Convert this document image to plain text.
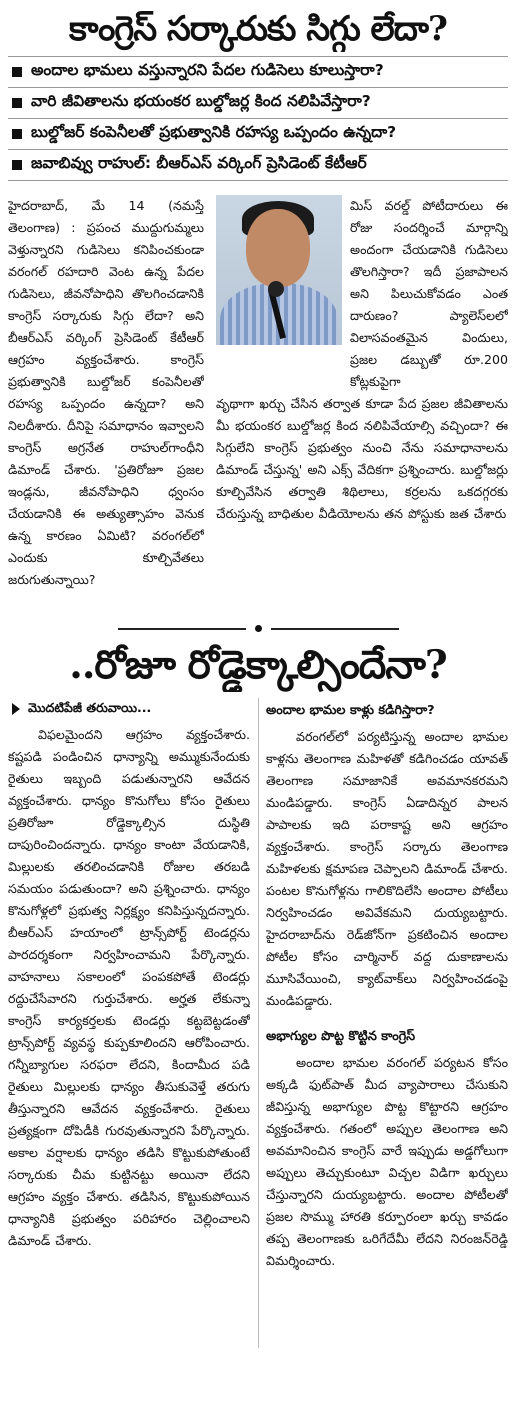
కాంగ్రెస్ సర్కారుకు సిగ్గు లేదా?
అందాల భామలు వస్తున్నారని పేదల గుడిసెలు కూలుస్తారా?
వారి జీవితాలను భయంకర బుల్డోజర్ల కింద నలిపివేస్తారా?
బుల్డోజర్ కంపెనీలతో ప్రభుత్వానికి రహస్య ఒప్పందం ఉన్నదా?
జవాబివ్వు రాహుల్: బీఆర్ఎస్ వర్కింగ్ ప్రెసిడెంట్ కేటీఆర్
హైదరాబాద్, మే 14 (నమస్తే తెలంగాణ) : ప్రపంచ ముద్దుగుమ్మలు వెళ్తున్నారని గుడిసెలు కనిపించకుండా వరంగల్ రహదారి వెంట ఉన్న పేదల గుడిసెలు, జీవనోపాధిని తొలగించడానికి కాంగ్రెస్ సర్కారుకు సిగ్గు లేదా? అని బీఆర్ఎస్ వర్కింగ్ ప్రెసిడెంట్ కేటీఆర్ ఆగ్రహం వ్యక్తంచేశారు. కాంగ్రెస్ ప్రభుత్వానికి బుల్డోజర్ కంపెనీలతో రహస్య ఒప్పందం ఉన్నదా? అని నిలదీశారు. దీనిపై సమాధానం ఇవ్వాలని కాంగ్రెస్ అగ్రనేత రాహుల్‌గాంధీని డిమాండ్ చేశారు. 'ప్రతిరోజూ ప్రజల ఇండ్లను, జీవనోపాధిని ధ్వంసం చేయడానికి ఈ అత్యుత్సాహం వెనుక ఉన్న కారణం ఏమిటి? వరంగల్‌లో ఎందుకు కూల్చివేతలు జరుగుతున్నాయి?
మిస్ వరల్డ్ పోటీదారులు ఈ రోజు సందర్శించే మార్గాన్ని అందంగా చేయడానికి గుడిసెలు తొలగిస్తారా? ఇదీ ప్రజాపాలన అని పిలుచుకోవడం ఎంత దారుణం? ప్యాలెస్‌లలో విలాసవంతమైన విందులు, ప్రజల డబ్బుతో రూ.200 కోట్లకుపైగా
వృథాగా ఖర్చు చేసిన తర్వాత కూడా పేద ప్రజల జీవితాలను మీ భయంకర బుల్డోజర్ల కింద నలిపివేయాల్సి వచ్చిందా? ఈ సిగ్గులేని కాంగ్రెస్ ప్రభుత్వం నుంచి నేను సమాధానాలను డిమాండ్ చేస్తున్న' అని ఎక్స్ వేదికగా ప్రశ్నించారు. బుల్డోజర్లు కూల్చివేసిన తర్వాతి శిథిలాలు, కర్రలను ఒకదగ్గరకు చేరుస్తున్న బాధితుల వీడియోలను తన పోస్టుకు జత చేశారు
..రోజూ రోడ్డెక్కాల్సిందేనా?
మొదటిపేజీ తరువాయి...
విఫలమైందని ఆగ్రహం వ్యక్తంచేశారు. కష్టపడి పండించిన ధాన్యాన్ని అమ్ముకునేందుకు రైతులు ఇబ్బంది పడుతున్నారని ఆవేదన వ్యక్తంచేశారు. ధాన్యం కొనుగోలు కోసం రైతులు ప్రతిరోజూ రోడ్డెక్కాల్సిన దుస్థితి దాపురించిందన్నారు. ధాన్యం కాంటా వేయడానికి, మిల్లులకు తరలించడానికి రోజుల తరబడి సమయం పడుతుందా? అని ప్రశ్నించారు. ధాన్యం కొనుగోళ్లలో ప్రభుత్వ నిర్లక్ష్యం కనిపిస్తున్నదన్నారు. బీఆర్ఎస్ హయాంలో ట్రాన్స్‌పోర్ట్ టెండర్లను పారదర్శకంగా నిర్వహించామని పేర్కొన్నారు. వాహనాలు సకాలంలో పంపకపోతే టెండర్లు రద్దుచేసేవారని గుర్తుచేశారు. అర్హత లేకున్నా కాంగ్రెస్ కార్యకర్తలకు టెండర్లు కట్టబెట్టడంతో ట్రాన్స్‌పోర్ట్ వ్యవస్థ కుప్పకూలిందని ఆరోపించారు. గన్నీబ్యాగుల సరఫరా లేదని, కిందామీద పడి రైతులు మిల్లులకు ధాన్యం తీసుకువెళ్తే తరుగు తీస్తున్నారని ఆవేదన వ్యక్తంచేశారు. రైతులు ప్రత్యక్షంగా దోపిడీకి గురవుతున్నారని పేర్కొన్నారు. అకాల వర్షాలకు ధాన్యం తడిసి కొట్టుకుపోతుంటే సర్కారుకు చీమ కుట్టినట్టు అయినా లేదని ఆగ్రహం వ్యక్తం చేశారు. తడిసిన, కొట్టుకుపోయిన ధాన్యానికి ప్రభుత్వం పరిహారం చెల్లించాలని డిమాండ్ చేశారు.
అందాల భామల కాళ్లు కడిగిస్తారా?
వరంగల్‌లో పర్యటిస్తున్న అందాల భామల కాళ్లను తెలంగాణ మహిళతో కడిగించడం యావత్ తెలంగాణ సమాజానికే అవమానకరమని మండిపడ్డారు. కాంగ్రెస్ ఏడాదిన్నర పాలన పాపాలకు ఇది పరాకాష్ట అని ఆగ్రహం వ్యక్తంచేశారు. కాంగ్రెస్ సర్కారు తెలంగాణ మహిళలకు క్షమాపణ చెప్పాలని డిమాండ్ చేశారు. పంటల కొనుగోళ్లను గాలికొదిలేసి అందాల పోటీలు నిర్వహించడం అవివేకమని దుయ్యబట్టారు. హైదరాబాద్‌ను రెడ్‌జోన్‌గా ప్రకటించిన అందాల పోటీల కోసం చార్మినార్ వద్ద దుకాణాలను మూసివేయించి, క్యాట్‌వాక్‌లు నిర్వహించడంపై మండిపడ్డారు.
అభాగ్యుల పొట్ట కొట్టిన కాంగ్రెస్
అందాల భామల వరంగల్ పర్యటన కోసం అక్కడి ఫుట్‌పాత్ మీద వ్యాపారాలు చేసుకుని జీవిస్తున్న అభాగ్యుల పొట్ట కొట్టారని ఆగ్రహం వ్యక్తంచేశారు. గతంలో అప్పుల తెలంగాణ అని అవమానించిన కాంగ్రెస్ వారే ఇప్పుడు అడ్డగోలుగా అప్పులు తెచ్చుకుంటూ విచ్చల విడిగా ఖర్చులు చేస్తున్నారని దుయ్యబట్టారు. అందాల పోటీలతో ప్రజల సొమ్ము హారతి కర్పూరంలా ఖర్చు కావడం తప్ప తెలంగాణకు ఒరిగేదేమీ లేదని నిరంజన్‌రెడ్డి విమర్శించారు.
